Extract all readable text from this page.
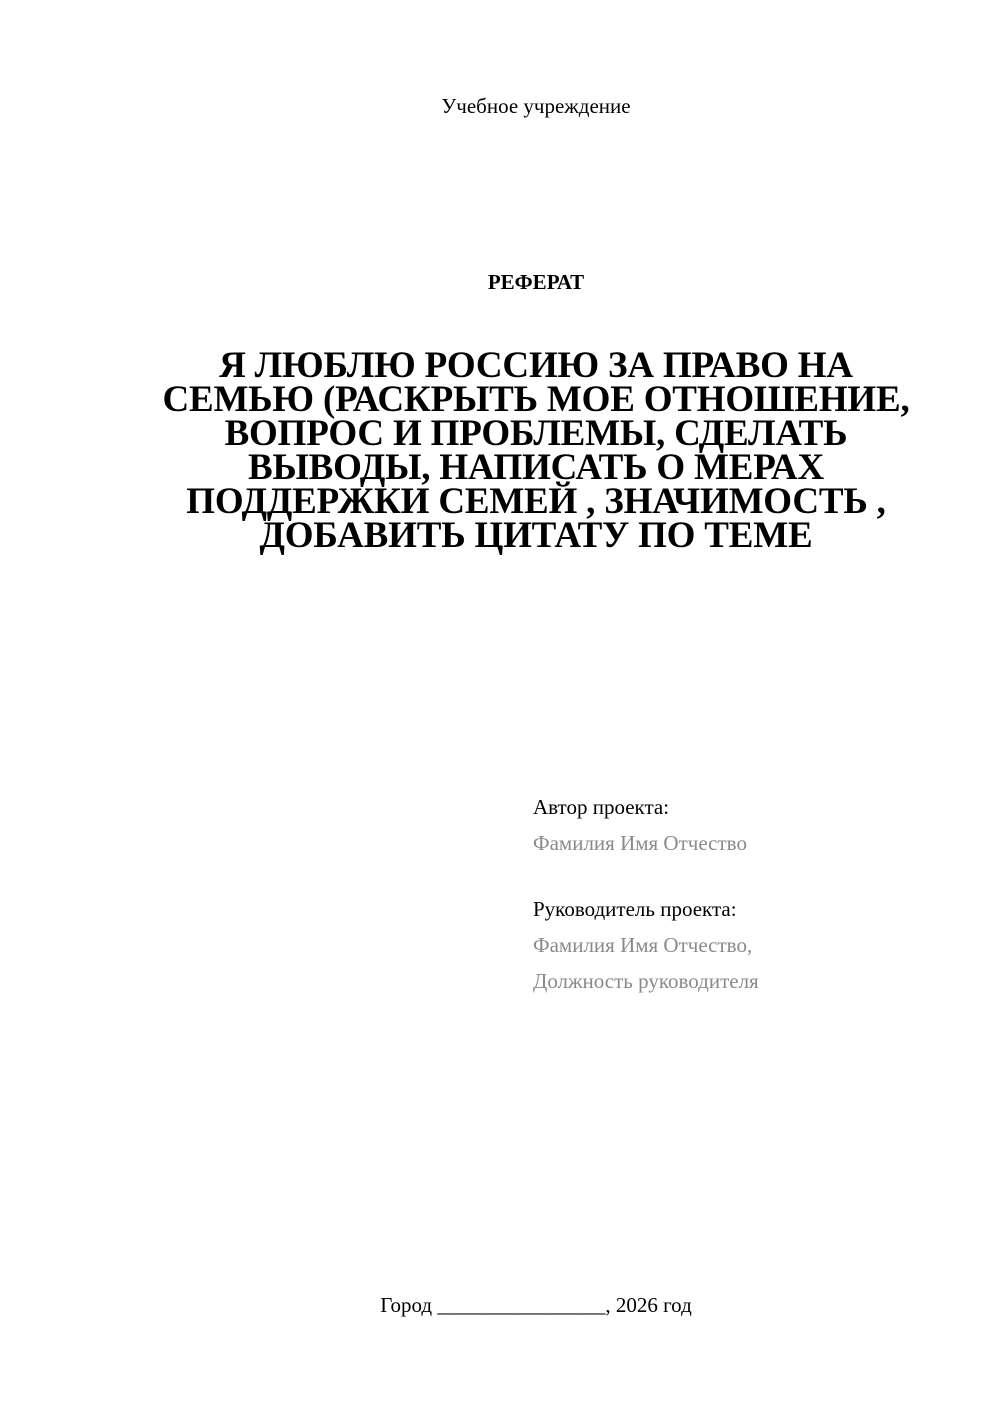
Учебное учреждение
РЕФЕРАТ
Я ЛЮБЛЮ РОССИЮ ЗА ПРАВО НА СЕМЬЮ (РАСКРЫТЬ МОЕ ОТНОШЕНИЕ, ВОПРОС И ПРОБЛЕМЫ, СДЕЛАТЬ ВЫВОДЫ, НАПИСАТЬ О МЕРАХ ПОДДЕРЖКИ СЕМЕЙ , ЗНАЧИМОСТЬ , ДОБАВИТЬ ЦИТАТУ ПО ТЕМЕ
Автор проекта:
Фамилия Имя Отчество
Руководитель проекта:
Фамилия Имя Отчество,
Должность руководителя
Город ________________, 2026 год
